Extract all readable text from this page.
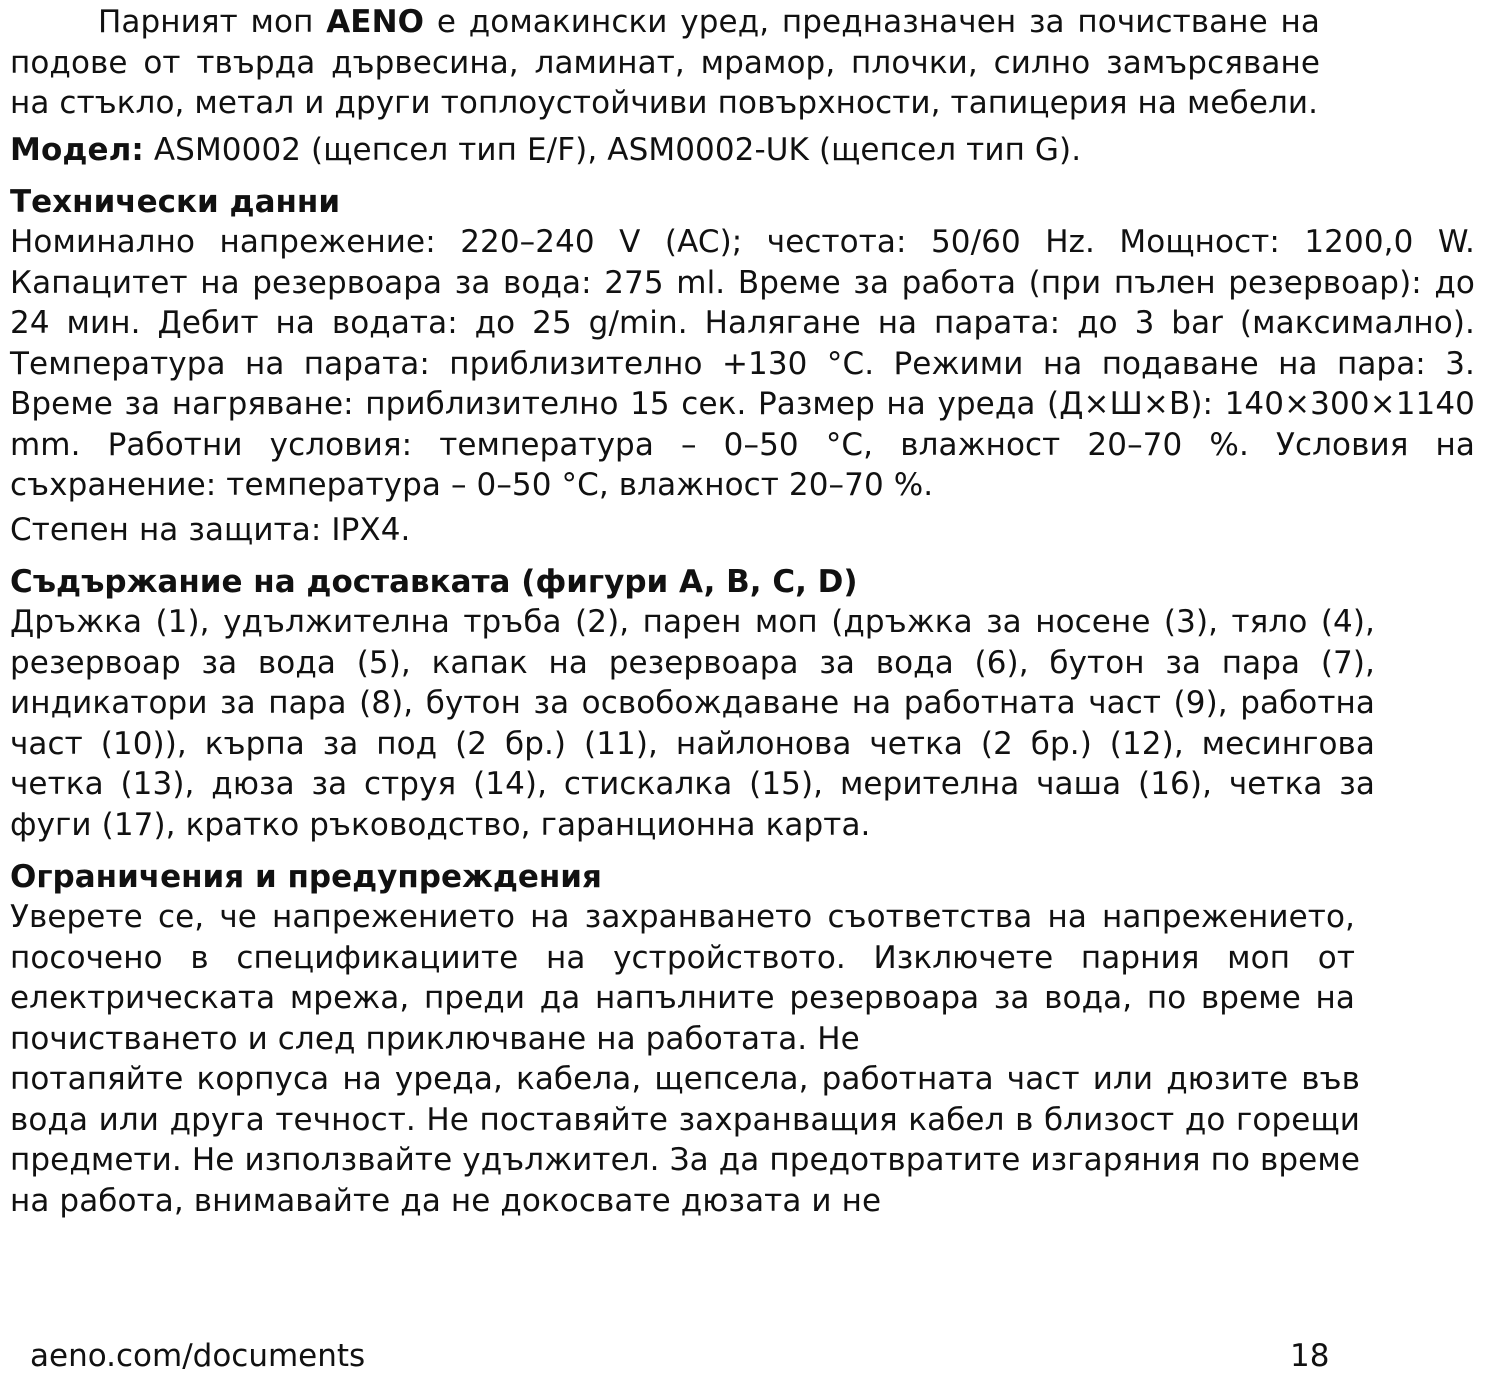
Парният моп AENO е домакински уред, предназначен за почистване на подове от твърда дървесина, ламинат, мрамор, плочки, силно замърсяване на стъкло, метал и други топлоустойчиви повърхности, тапицерия на мебели.

Модел: ASM0002 (щепсел тип E/F), ASM0002-UK (щепсел тип G).

Технически данни

Номинално напрежение: 220–240 V (AC); честота: 50/60 Hz. Мощност: 1200,0 W. Капацитет на резервоара за вода: 275 ml. Време за работа (при пълен резервоар): до 24 мин. Дебит на водата: до 25 g/min. Налягане на парата: до 3 bar (максимално). Температура на парата: приблизително +130 °C. Режими на подаване на пара: 3. Време за нагряване: приблизително 15 сек. Размер на уреда (Д×Ш×В): 140×300×1140 mm. Работни условия: температура – 0–50 °C, влажност 20–70 %. Условия на съхранение: температура – 0–50 °C, влажност 20–70 %.

Степен на защита: IPX4.

Съдържание на доставката (фигури A, B, C, D)

Дръжка (1), удължителна тръба (2), парен моп (дръжка за носене (3), тяло (4), резервоар за вода (5), капак на резервоара за вода (6), бутон за пара (7), индикатори за пара (8), бутон за освобождаване на работната част (9), работна част (10)), кърпа за под (2 бр.) (11), найлонова четка (2 бр.) (12), месингова четка (13), дюза за струя (14), стискалка (15), мерителна чаша (16), четка за фуги (17), кратко ръководство, гаранционна карта.

Ограничения и предупреждения

Уверете се, че напрежението на захранването съответства на напрежението, посочено в спецификациите на устройството. Изключете парния моп от електрическата мрежа, преди да напълните резервоара за вода, по време на почистването и след приключване на работата. Не

потапяйте корпуса на уреда, кабела, щепсела, работната част или дюзите във вода или друга течност. Не поставяйте захранващия кабел в близост до горещи предмети. Не използвайте удължител. За да предотвратите изгаряния по време на работа, внимавайте да не докосвате дюзата и не

aeno.com/documents	18
